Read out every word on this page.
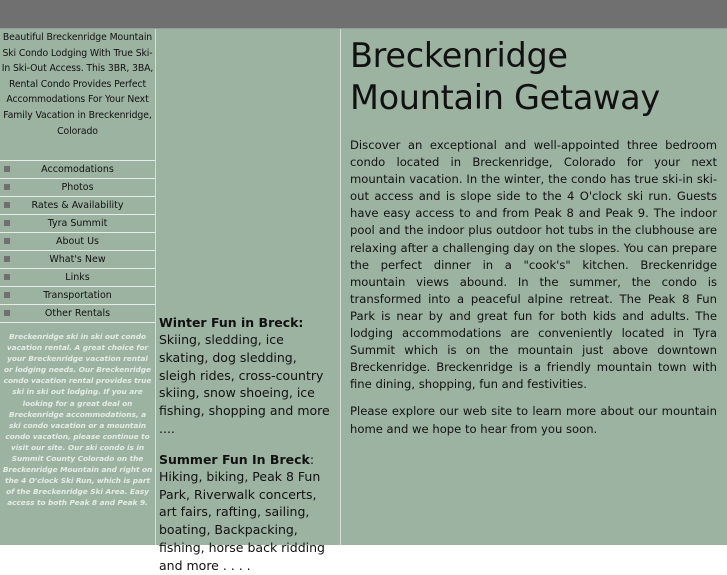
Beautiful Breckenridge Mountain Ski Condo Lodging With True Ski-In Ski-Out Access. This 3BR, 3BA, Rental Condo Provides Perfect Accommodations For Your Next Family Vacation in Breckenridge, Colorado
Accomodations
Photos
Rates & Availability
Tyra Summit
About Us
What's New
Links
Transportation
Other Rentals
Breckenridge ski in ski out condo vacation rental. A great choice for your Breckenridge vacation rental or lodging needs. Our Breckenridge condo vacation rental provides true ski in ski out lodging. If you are looking for a great deal on Breckenridge accommodations, a ski condo vacation or a mountain condo vacation, please continue to visit our site. Our ski condo is in Summit County Colorado on the Breckenridge Mountain and right on the 4 O'clock Ski Run, which is part of the Breckenridge Ski Area. Easy access to both Peak 8 and Peak 9.

Winter Fun in Breck:

Skiing, sledding, ice skating, dog sledding, sleigh rides, cross-country skiing, snow shoeing, ice fishing, shopping and more ....

Summer Fun In Breck:

Hiking, biking, Peak 8 Fun Park, Riverwalk concerts, art fairs, rafting, sailing, boating, Backpacking, fishing, horse back ridding and more . . . .

Breckenridge
Mountain Getaway

Discover an exceptional and well-appointed three bedroom condo located in Breckenridge, Colorado for your next mountain vacation. In the winter, the condo has true ski-in ski-out access and is slope side to the 4 O'clock ski run. Guests have easy access to and from Peak 8 and Peak 9. The indoor pool and the indoor plus outdoor hot tubs in the clubhouse are relaxing after a challenging day on the slopes. You can prepare the perfect dinner in a "cook's" kitchen. Breckenridge mountain views abound. In the summer, the condo is transformed into a peaceful alpine retreat. The Peak 8 Fun Park is near by and great fun for both kids and adults. The lodging accommodations are conveniently located in Tyra Summit which is on the mountain just above downtown Breckenridge. Breckenridge is a friendly mountain town with fine dining, shopping, fun and festivities.

Please explore our web site to learn more about our mountain home and we hope to hear from you soon.
